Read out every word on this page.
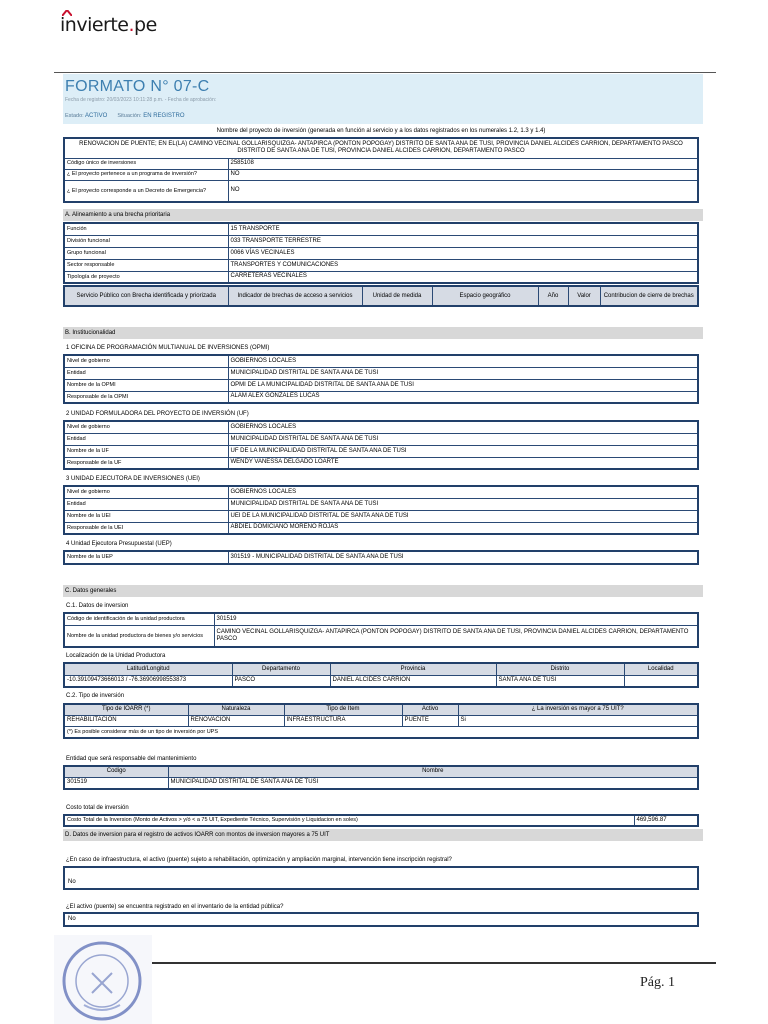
invierte.pe
FORMATO N° 07-C
Fecha de registro: 20/03/2023 10:11:28 p.m. - Fecha de aprobación:
Estado: ACTIVO Situación: EN REGISTRO
Nombre del proyecto de inversión (generada en función al servicio y a los datos registrados en los numerales 1.2, 1.3 y 1.4)
RENOVACION DE PUENTE; EN EL(LA) CAMINO VECINAL GOLLARISQUIZGA- ANTAPIRCA (PONTON POPOGAY) DISTRITO DE SANTA ANA DE TUSI, PROVINCIA DANIEL ALCIDES CARRION, DEPARTAMENTO PASCO DISTRITO DE SANTA ANA DE TUSI, PROVINCIA DANIEL ALCIDES CARRION, DEPARTAMENTO PASCO	
Código único de inversiones	2585108
¿ El proyecto pertenece a un programa de inversión?	NO
¿ El proyecto corresponde a un Decreto de Emergencia?	NO
A. Alineamiento a una brecha prioritaria
Función	15 TRANSPORTE
División funcional	033 TRANSPORTE TERRESTRE
Grupo funcional	0066 VÍAS VECINALES
Sector responsable	TRANSPORTES Y COMUNICACIONES
Tipología de proyecto	CARRETERAS VECINALES
Servicio Público con Brecha identificada y priorizada	Indicador de brechas de acceso a servicios	Unidad de medida	Espacio geográfico	Año	Valor	Contribucion de cierre de brechas
B. Institucionalidad
1 OFICINA DE PROGRAMACIÓN MULTIANUAL DE INVERSIONES (OPMI)
Nivel de gobierno	GOBIERNOS LOCALES
Entidad	MUNICIPALIDAD DISTRITAL DE SANTA ANA DE TUSI
Nombre de la OPMI	OPMI DE LA MUNICIPALIDAD DISTRITAL DE SANTA ANA DE TUSI
Responsable de la OPMI	ALAM ALEX GONZALES LUCAS
2 UNIDAD FORMULADORA DEL PROYECTO DE INVERSIÓN (UF)
Nivel de gobierno	GOBIERNOS LOCALES
Entidad	MUNICIPALIDAD DISTRITAL DE SANTA ANA DE TUSI
Nombre de la UF	UF DE LA MUNICIPALIDAD DISTRITAL DE SANTA ANA DE TUSI
Responsable de la UF	WENDY VANESSA DELGADO LOARTE
3 UNIDAD EJECUTORA DE INVERSIONES (UEI)
Nivel de gobierno	GOBIERNOS LOCALES
Entidad	MUNICIPALIDAD DISTRITAL DE SANTA ANA DE TUSI
Nombre de la UEI	UEI DE LA MUNICIPALIDAD DISTRITAL DE SANTA ANA DE TUSI
Responsable de la UEI	ABDIEL DOMICIANO MORENO ROJAS
4 Unidad Ejecutora Presupuestal (UEP)
Nombre de la UEP	301519 - MUNICIPALIDAD DISTRITAL DE SANTA ANA DE TUSI
C. Datos generales
C.1. Datos de inversion
Código de identificación de la unidad productora	301519
Nombre de la unidad productora de bienes y/o servicios	CAMINO VECINAL GOLLARISQUIZGA- ANTAPIRCA (PONTON POPOGAY) DISTRITO DE SANTA ANA DE TUSI, PROVINCIA DANIEL ALCIDES CARRION, DEPARTAMENTO PASCO
Localización de la Unidad Productora
Latitud/Longitud	Departamento	Provincia	Distrito	Localidad
-10.39109473666013 / -76.36906998553873	PASCO	DANIEL ALCIDES CARRION	SANTA ANA DE TUSI	
C.2. Tipo de inversión
Tipo de IOARR (*)	Naturaleza	Tipo de Item	Activo	¿ La inversión es mayor a 75 UIT?
REHABILITACION	RENOVACION	INFRAESTRUCTURA	PUENTE	Si
(*) Es posible considerar más de un tipo de inversión por UPS				
Entidad que será responsable del mantenimiento
Codigo	Nombre
301519	MUNICIPALIDAD DISTRITAL DE SANTA ANA DE TUSI
Costo total de inversión
Costo Total de la Inversion (Monto de Activos > y/ó < a 75 UIT, Expediente Técnico, Supervisión y Liquidacion en soles)	469,596.87
D. Datos de inversion para el registro de activos IOARR con montos de inversion mayores a 75 UIT
¿En caso de infraestructura, el activo (puente) sujeto a rehabilitación, optimización y ampliación marginal, intervención tiene inscripción registral?
No
¿El activo (puente) se encuentra registrado en el inventario de la entidad pública?
No
Pág. 1
